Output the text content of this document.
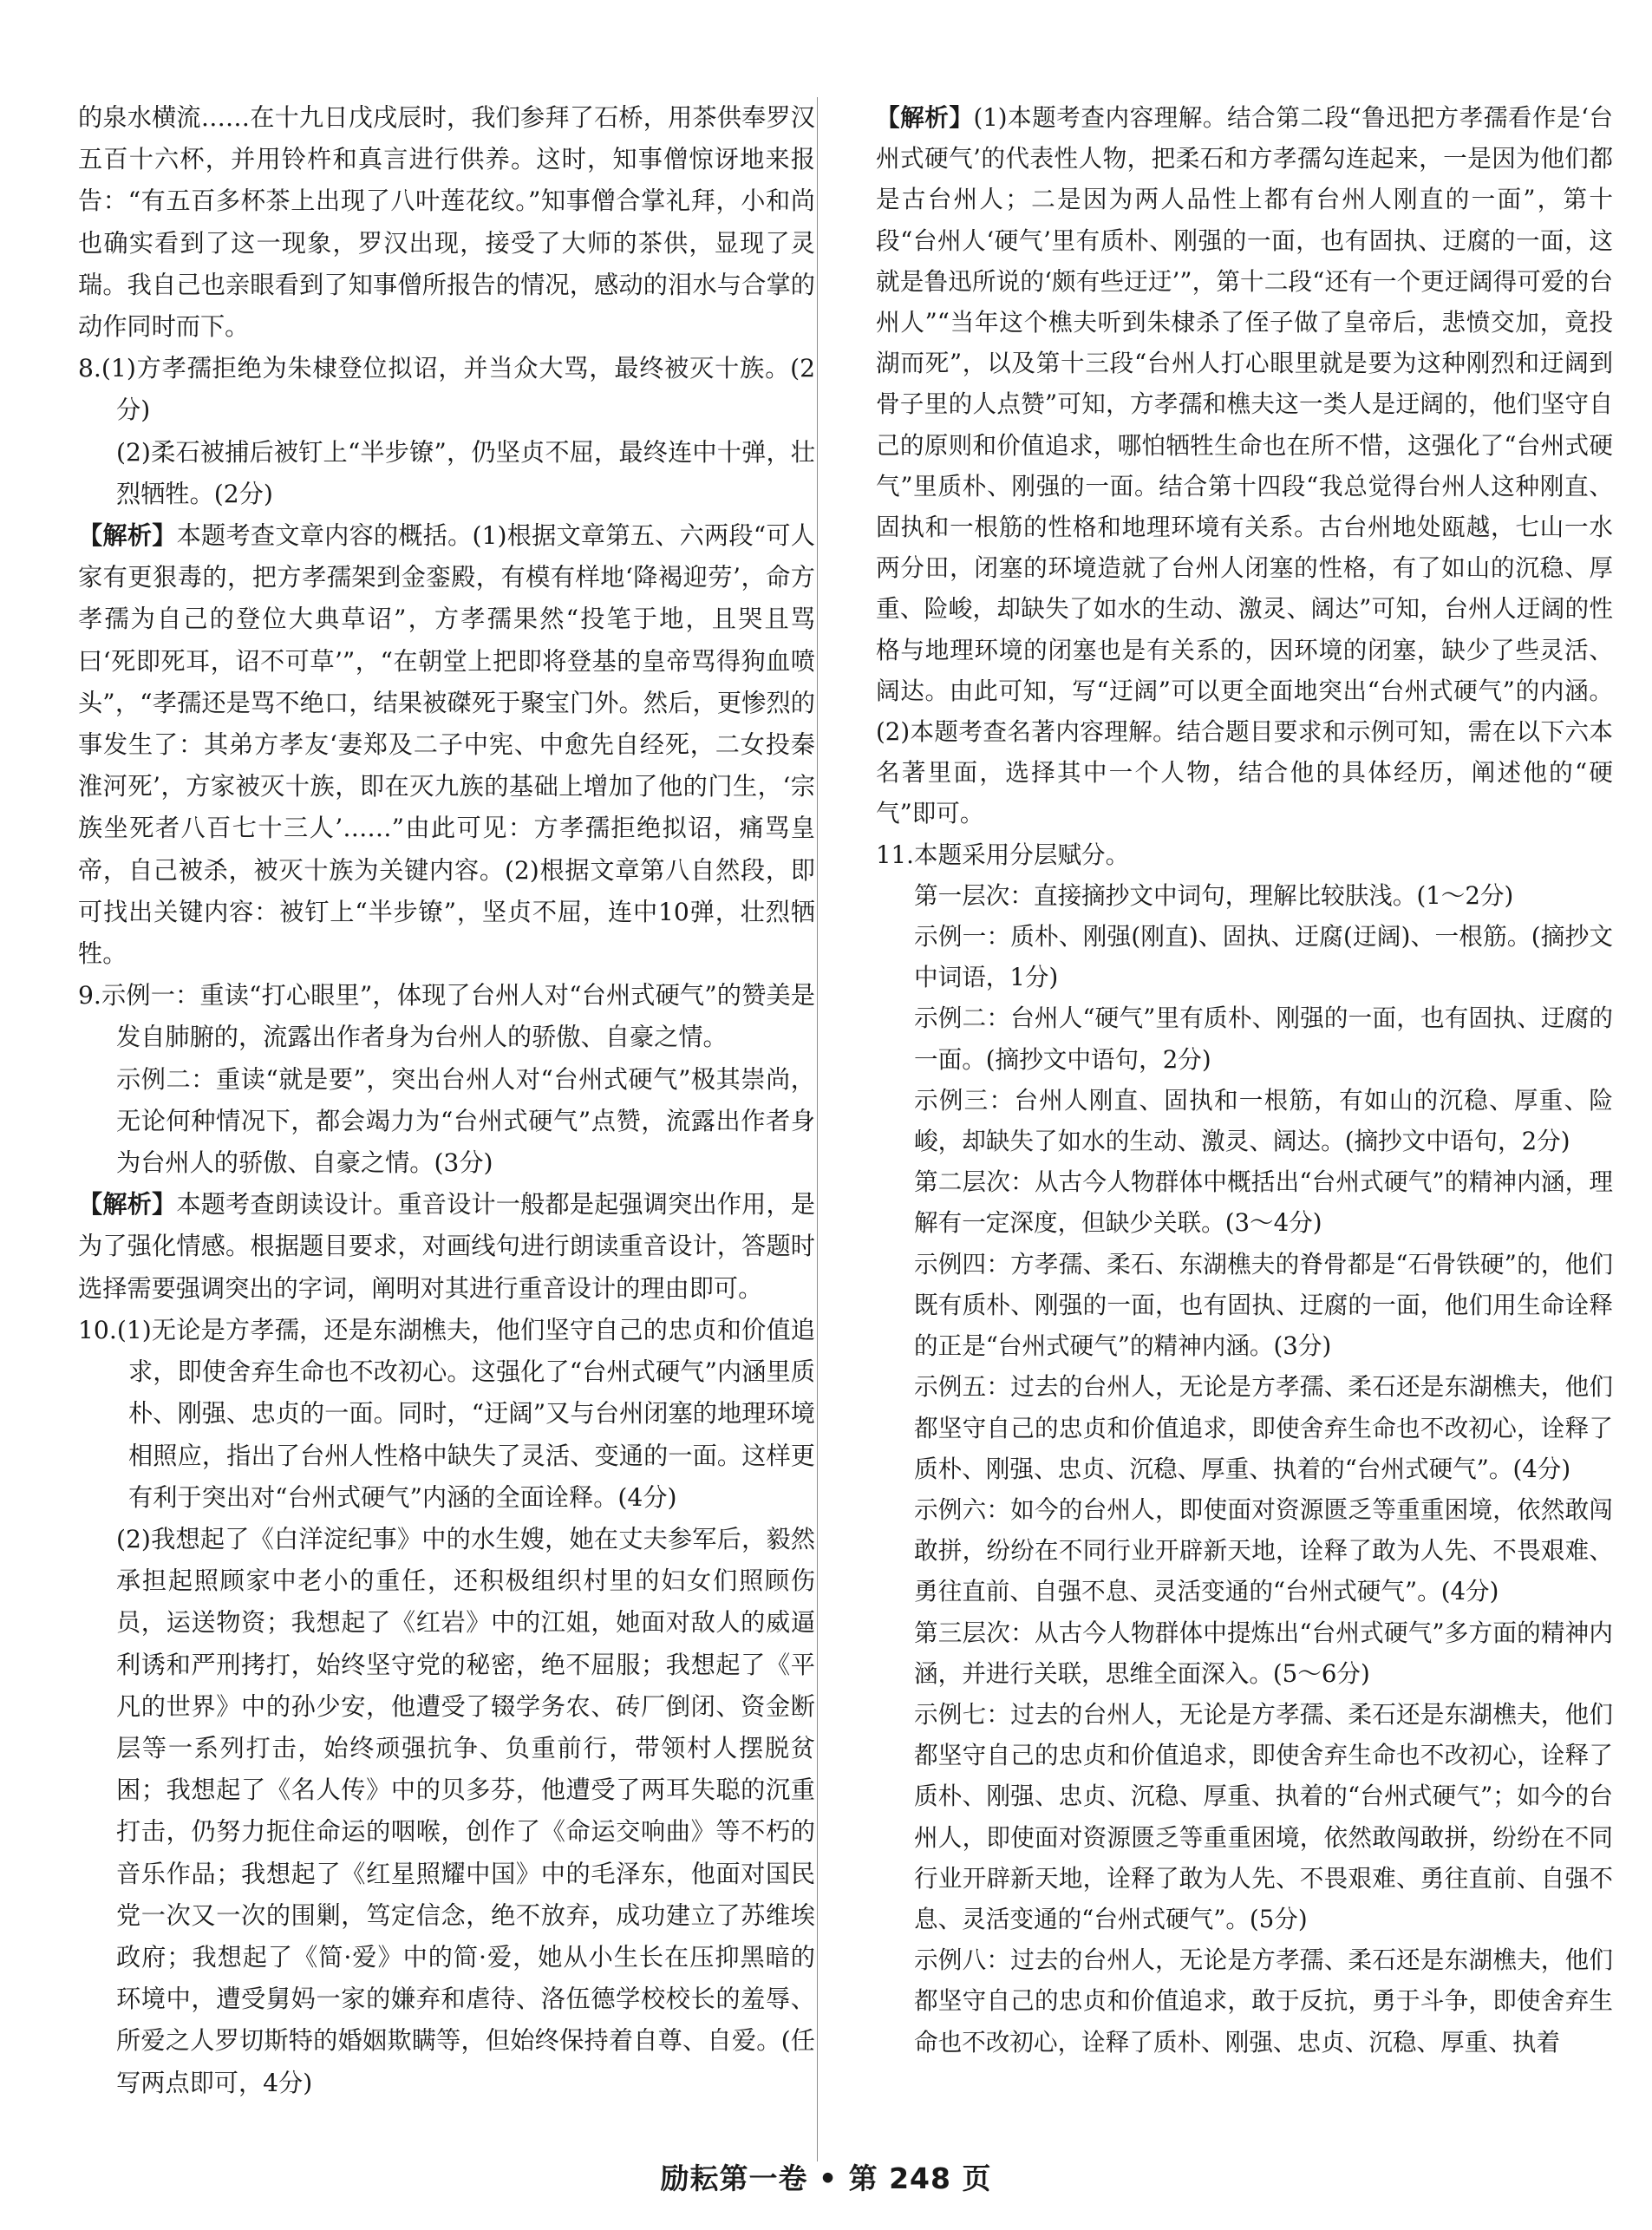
的泉水横流……在十九日戊戌辰时，我们参拜了石桥，用茶供奉罗汉五百十六杯，并用铃杵和真言进行供养。这时，知事僧惊讶地来报告：“有五百多杯茶上出现了八叶莲花纹。”知事僧合掌礼拜，小和尚也确实看到了这一现象，罗汉出现，接受了大师的茶供，显现了灵瑞。我自己也亲眼看到了知事僧所报告的情况，感动的泪水与合掌的动作同时而下。

8.(1)方孝孺拒绝为朱棣登位拟诏，并当众大骂，最终被灭十族。(2分)

(2)柔石被捕后被钉上“半步镣”，仍坚贞不屈，最终连中十弹，壮烈牺牲。(2分)

【解析】本题考查文章内容的概括。(1)根据文章第五、六两段“可人家有更狠毒的，把方孝孺架到金銮殿，有模有样地‘降褐迎劳’，命方孝孺为自己的登位大典草诏”，方孝孺果然“投笔于地，且哭且骂曰‘死即死耳，诏不可草’”，“在朝堂上把即将登基的皇帝骂得狗血喷头”，“孝孺还是骂不绝口，结果被磔死于聚宝门外。然后，更惨烈的事发生了：其弟方孝友‘妻郑及二子中宪、中愈先自经死，二女投秦淮河死’，方家被灭十族，即在灭九族的基础上增加了他的门生，‘宗族坐死者八百七十三人’……”由此可见：方孝孺拒绝拟诏，痛骂皇帝，自己被杀，被灭十族为关键内容。(2)根据文章第八自然段，即可找出关键内容：被钉上“半步镣”，坚贞不屈，连中10弹，壮烈牺牲。

9.示例一：重读“打心眼里”，体现了台州人对“台州式硬气”的赞美是发自肺腑的，流露出作者身为台州人的骄傲、自豪之情。

示例二：重读“就是要”，突出台州人对“台州式硬气”极其崇尚，无论何种情况下，都会竭力为“台州式硬气”点赞，流露出作者身为台州人的骄傲、自豪之情。(3分)

【解析】本题考查朗读设计。重音设计一般都是起强调突出作用，是为了强化情感。根据题目要求，对画线句进行朗读重音设计，答题时选择需要强调突出的字词，阐明对其进行重音设计的理由即可。

10.(1)无论是方孝孺，还是东湖樵夫，他们坚守自己的忠贞和价值追求，即使舍弃生命也不改初心。这强化了“台州式硬气”内涵里质朴、刚强、忠贞的一面。同时，“迂阔”又与台州闭塞的地理环境相照应，指出了台州人性格中缺失了灵活、变通的一面。这样更有利于突出对“台州式硬气”内涵的全面诠释。(4分)

(2)我想起了《白洋淀纪事》中的水生嫂，她在丈夫参军后，毅然承担起照顾家中老小的重任，还积极组织村里的妇女们照顾伤员，运送物资；我想起了《红岩》中的江姐，她面对敌人的威逼利诱和严刑拷打，始终坚守党的秘密，绝不屈服；我想起了《平凡的世界》中的孙少安，他遭受了辍学务农、砖厂倒闭、资金断层等一系列打击，始终顽强抗争、负重前行，带领村人摆脱贫困；我想起了《名人传》中的贝多芬，他遭受了两耳失聪的沉重打击，仍努力扼住命运的咽喉，创作了《命运交响曲》等不朽的音乐作品；我想起了《红星照耀中国》中的毛泽东，他面对国民党一次又一次的围剿，笃定信念，绝不放弃，成功建立了苏维埃政府；我想起了《简·爱》中的简·爱，她从小生长在压抑黑暗的环境中，遭受舅妈一家的嫌弃和虐待、洛伍德学校校长的羞辱、所爱之人罗切斯特的婚姻欺瞒等，但始终保持着自尊、自爱。(任写两点即可，4分)

【解析】(1)本题考查内容理解。结合第二段“鲁迅把方孝孺看作是‘台州式硬气’的代表性人物，把柔石和方孝孺勾连起来，一是因为他们都是古台州人；二是因为两人品性上都有台州人刚直的一面”，第十段“台州人‘硬气’里有质朴、刚强的一面，也有固执、迂腐的一面，这就是鲁迅所说的‘颇有些迂迂’”，第十二段“还有一个更迂阔得可爱的台州人”“当年这个樵夫听到朱棣杀了侄子做了皇帝后，悲愤交加，竟投湖而死”，以及第十三段“台州人打心眼里就是要为这种刚烈和迂阔到骨子里的人点赞”可知，方孝孺和樵夫这一类人是迂阔的，他们坚守自己的原则和价值追求，哪怕牺牲生命也在所不惜，这强化了“台州式硬气”里质朴、刚强的一面。结合第十四段“我总觉得台州人这种刚直、固执和一根筋的性格和地理环境有关系。古台州地处瓯越，七山一水两分田，闭塞的环境造就了台州人闭塞的性格，有了如山的沉稳、厚重、险峻，却缺失了如水的生动、激灵、阔达”可知，台州人迂阔的性格与地理环境的闭塞也是有关系的，因环境的闭塞，缺少了些灵活、阔达。由此可知，写“迂阔”可以更全面地突出“台州式硬气”的内涵。(2)本题考查名著内容理解。结合题目要求和示例可知，需在以下六本名著里面，选择其中一个人物，结合他的具体经历，阐述他的“硬气”即可。

11.本题采用分层赋分。

第一层次：直接摘抄文中词句，理解比较肤浅。(1～2分)

示例一：质朴、刚强(刚直)、固执、迂腐(迂阔)、一根筋。(摘抄文中词语，1分)

示例二：台州人“硬气”里有质朴、刚强的一面，也有固执、迂腐的一面。(摘抄文中语句，2分)

示例三：台州人刚直、固执和一根筋，有如山的沉稳、厚重、险峻，却缺失了如水的生动、激灵、阔达。(摘抄文中语句，2分)

第二层次：从古今人物群体中概括出“台州式硬气”的精神内涵，理解有一定深度，但缺少关联。(3～4分)

示例四：方孝孺、柔石、东湖樵夫的脊骨都是“石骨铁硬”的，他们既有质朴、刚强的一面，也有固执、迂腐的一面，他们用生命诠释的正是“台州式硬气”的精神内涵。(3分)

示例五：过去的台州人，无论是方孝孺、柔石还是东湖樵夫，他们都坚守自己的忠贞和价值追求，即使舍弃生命也不改初心，诠释了质朴、刚强、忠贞、沉稳、厚重、执着的“台州式硬气”。(4分)

示例六：如今的台州人，即使面对资源匮乏等重重困境，依然敢闯敢拼，纷纷在不同行业开辟新天地，诠释了敢为人先、不畏艰难、勇往直前、自强不息、灵活变通的“台州式硬气”。(4分)

第三层次：从古今人物群体中提炼出“台州式硬气”多方面的精神内涵，并进行关联，思维全面深入。(5～6分)

示例七：过去的台州人，无论是方孝孺、柔石还是东湖樵夫，他们都坚守自己的忠贞和价值追求，即使舍弃生命也不改初心，诠释了质朴、刚强、忠贞、沉稳、厚重、执着的“台州式硬气”；如今的台州人，即使面对资源匮乏等重重困境，依然敢闯敢拼，纷纷在不同行业开辟新天地，诠释了敢为人先、不畏艰难、勇往直前、自强不息、灵活变通的“台州式硬气”。(5分)

示例八：过去的台州人，无论是方孝孺、柔石还是东湖樵夫，他们都坚守自己的忠贞和价值追求，敢于反抗，勇于斗争，即使舍弃生命也不改初心，诠释了质朴、刚强、忠贞、沉稳、厚重、执着

励耘第一卷 • 第 248 页
